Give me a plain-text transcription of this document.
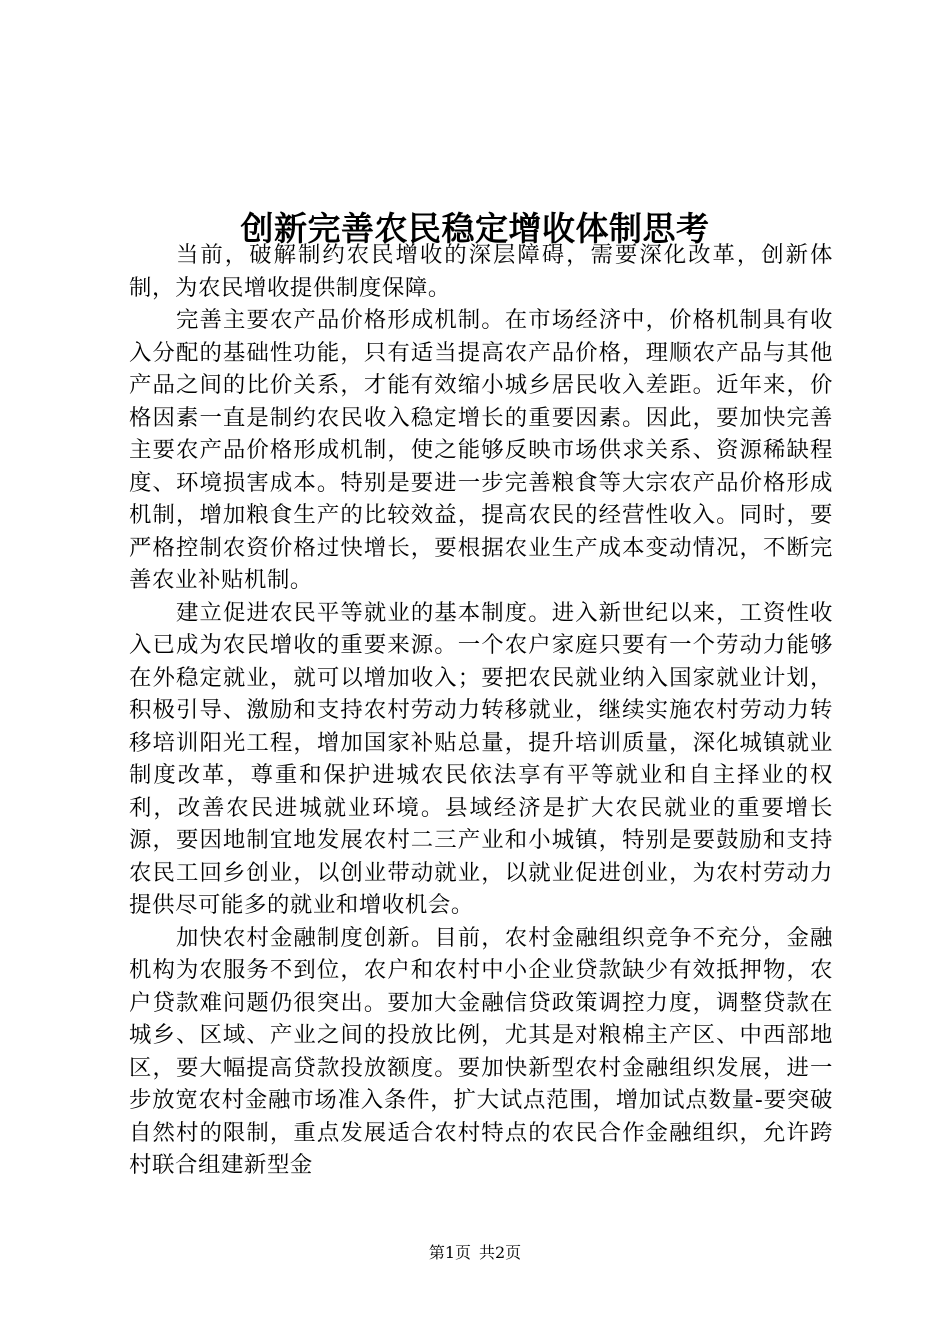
创新完善农民稳定增收体制思考

当前，破解制约农民增收的深层障碍，需要深化改革，创新体制，为农民增收提供制度保障。

完善主要农产品价格形成机制。在市场经济中，价格机制具有收入分配的基础性功能，只有适当提高农产品价格，理顺农产品与其他产品之间的比价关系，才能有效缩小城乡居民收入差距。近年来，价格因素一直是制约农民收入稳定增长的重要因素。因此，要加快完善主要农产品价格形成机制，使之能够反映市场供求关系、资源稀缺程度、环境损害成本。特别是要进一步完善粮食等大宗农产品价格形成机制，增加粮食生产的比较效益，提高农民的经营性收入。同时，要严格控制农资价格过快增长，要根据农业生产成本变动情况，不断完善农业补贴机制。

建立促进农民平等就业的基本制度。进入新世纪以来，工资性收入已成为农民增收的重要来源。一个农户家庭只要有一个劳动力能够在外稳定就业，就可以增加收入；要把农民就业纳入国家就业计划，积极引导、激励和支持农村劳动力转移就业，继续实施农村劳动力转移培训阳光工程，增加国家补贴总量，提升培训质量，深化城镇就业制度改革，尊重和保护进城农民依法享有平等就业和自主择业的权利，改善农民进城就业环境。县域经济是扩大农民就业的重要增长源，要因地制宜地发展农村二三产业和小城镇，特别是要鼓励和支持农民工回乡创业，以创业带动就业，以就业促进创业，为农村劳动力提供尽可能多的就业和增收机会。

加快农村金融制度创新。目前，农村金融组织竞争不充分，金融机构为农服务不到位，农户和农村中小企业贷款缺少有效抵押物，农户贷款难问题仍很突出。要加大金融信贷政策调控力度，调整贷款在城乡、区域、产业之间的投放比例，尤其是对粮棉主产区、中西部地区，要大幅提高贷款投放额度。要加快新型农村金融组织发展，进一步放宽农村金融市场准入条件，扩大试点范围，增加试点数量-要突破自然村的限制，重点发展适合农村特点的农民合作金融组织，允许跨村联合组建新型金

第1页 共2页
